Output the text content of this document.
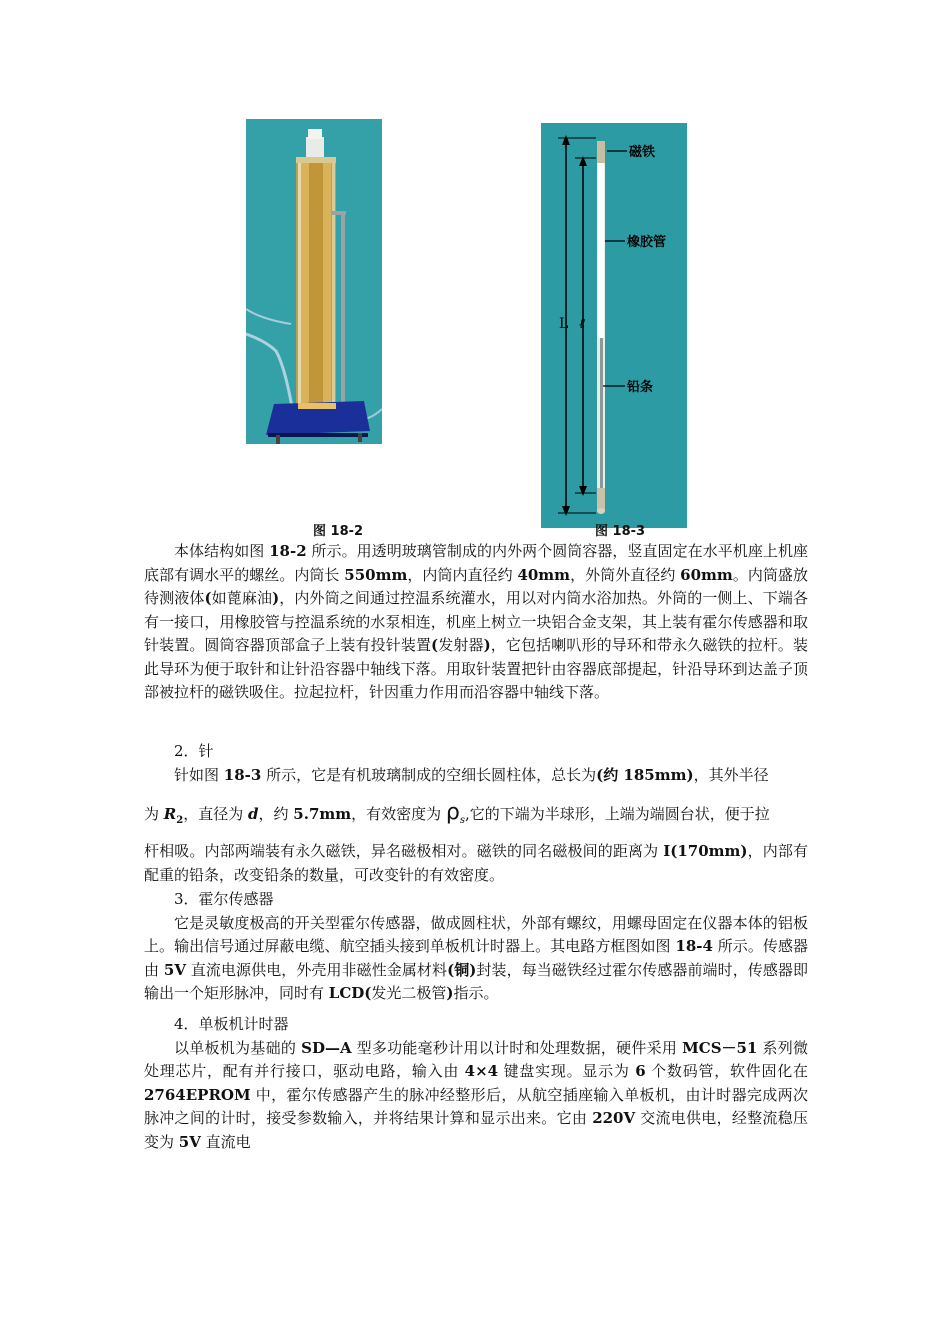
磁铁
橡胶管
L ℓ
铅条
图 18-2	图 18-3

本体结构如图 18-2 所示。用透明玻璃管制成的内外两个圆筒容器，竖直固定在水平机座上机座底部有调水平的螺丝。内筒长 550mm，内筒内直径约 40mm，外筒外直径约 60mm。内筒盛放待测液体(如蓖麻油)，内外筒之间通过控温系统灌水，用以对内筒水浴加热。外筒的一侧上、下端各有一接口，用橡胶管与控温系统的水泵相连，机座上树立一块铝合金支架，其上装有霍尔传感器和取针装置。圆筒容器顶部盒子上装有投针装置(发射器)，它包括喇叭形的导环和带永久磁铁的拉杆。装此导环为便于取针和让针沿容器中轴线下落。用取针装置把针由容器底部提起，针沿导环到达盖子顶部被拉杆的磁铁吸住。拉起拉杆，针因重力作用而沿容器中轴线下落。

2．针

针如图 18-3 所示，它是有机玻璃制成的空细长圆柱体，总长为(约 185mm)，其外半径

为 $R_2$，直径为 d，约 5.7mm，有效密度为 $\rho_s$,它的下端为半球形，上端为端圆台状，便于拉
杆相吸。内部两端装有永久磁铁，异名磁极相对。磁铁的同名磁极间的距离为 I(170mm)，内部有配重的铅条，改变铅条的数量，可改变针的有效密度。

3．霍尔传感器

它是灵敏度极高的开关型霍尔传感器，做成圆柱状，外部有螺纹，用螺母固定在仪器本体的铝板上。输出信号通过屏蔽电缆、航空插头接到单板机计时器上。其电路方框图如图 18-4 所示。传感器由 5V 直流电源供电，外壳用非磁性金属材料(铜)封装，每当磁铁经过霍尔传感器前端时，传感器即输出一个矩形脉冲，同时有 LCD(发光二极管)指示。

4．单板机计时器

以单板机为基础的 SD—A 型多功能毫秒计用以计时和处理数据，硬件采用 MCS－51 系列微处理芯片，配有并行接口，驱动电路，输入由 4×4 键盘实现。显示为 6 个数码管，软件固化在 2764EPROM 中，霍尔传感器产生的脉冲经整形后，从航空插座输入单板机，由计时器完成两次脉冲之间的计时，接受参数输入，并将结果计算和显示出来。它由 220V 交流电供电，经整流稳压变为 5V 直流电
